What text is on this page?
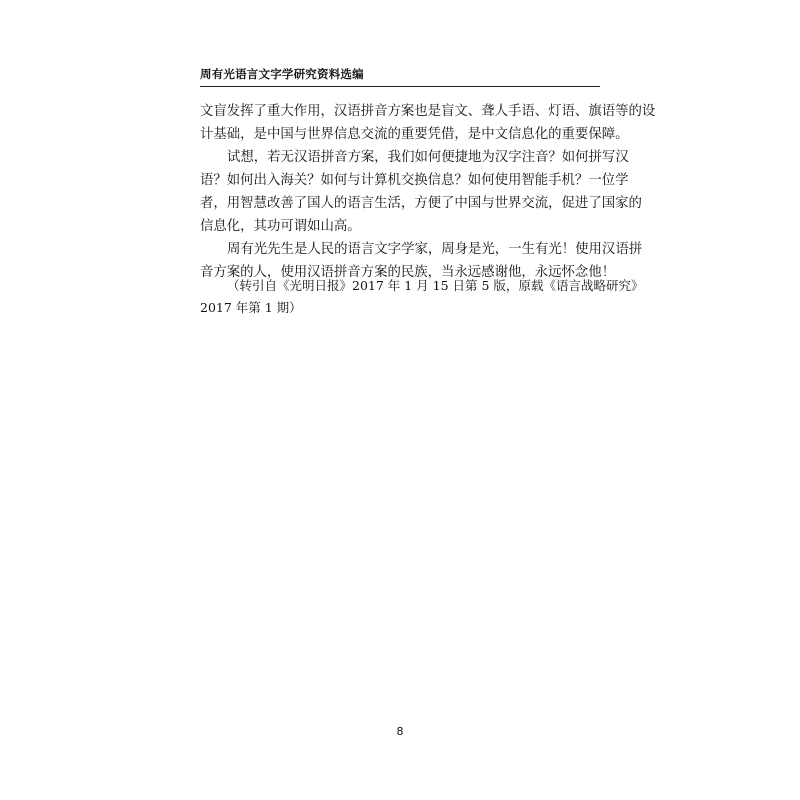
周有光语言文字学研究资料选编
文盲发挥了重大作用，汉语拼音方案也是盲文、聋人手语、灯语、旗语等的设
计基础，是中国与世界信息交流的重要凭借，是中文信息化的重要保障。
试想，若无汉语拼音方案，我们如何便捷地为汉字注音？如何拼写汉
语？如何出入海关？如何与计算机交换信息？如何使用智能手机？一位学
者，用智慧改善了国人的语言生活，方便了中国与世界交流，促进了国家的
信息化，其功可谓如山高。
周有光先生是人民的语言文字学家，周身是光，一生有光！使用汉语拼
音方案的人，使用汉语拼音方案的民族，当永远感谢他，永远怀念他！
（转引自《光明日报》2017 年 1 月 15 日第 5 版，原载《语言战略研究》
2017 年第 1 期）
8
